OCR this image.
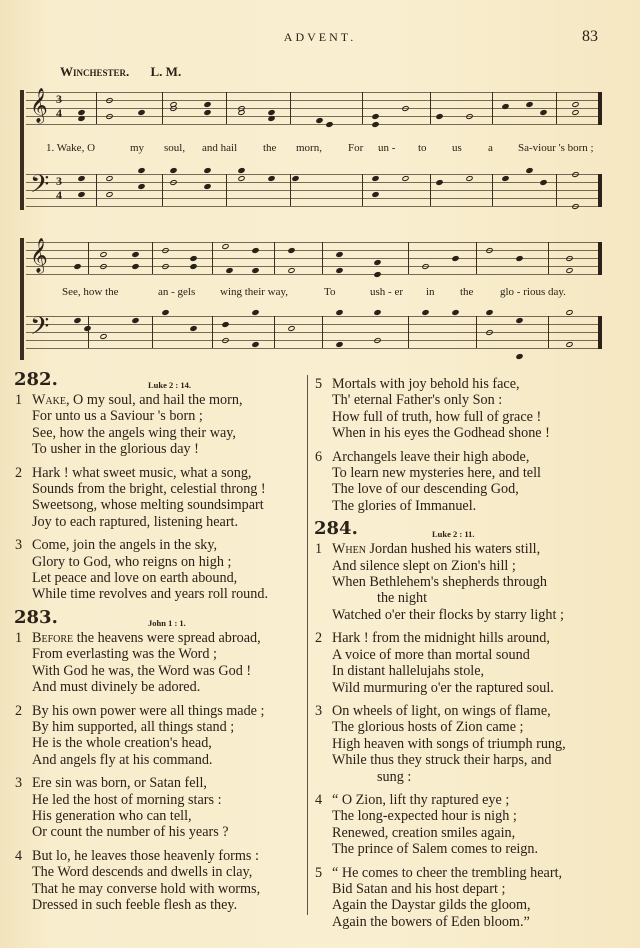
ADVENT.	83
Winchester. L. M.
𝄞 3
4
1. Wake, O	my soul, and hail the morn, For un - to us a Sa-viour 's born ;
𝄢 3
4
𝄞
See, how the	an - gels wing their way,	To	ush - er in the glo - rious day.
𝄢
282.	Luke 2 : 14.
1 Wake, O my soul, and hail the morn,
For unto us a Saviour 's born ;
See, how the angels wing their way,
To usher in the glorious day !
2 Hark ! what sweet music, what a song,
Sounds from the bright, celestial throng !
Sweetsong, whose melting soundsimpart
Joy to each raptured, listening heart.
3 Come, join the angels in the sky,
Glory to God, who reigns on high ;
Let peace and love on earth abound,
While time revolves and years roll round.
283.	John 1 : 1.
1 Before the heavens were spread abroad,
From everlasting was the Word ;
With God he was, the Word was God !
And must divinely be adored.
2 By his own power were all things made ;
By him supported, all things stand ;
He is the whole creation's head,
And angels fly at his command.
3 Ere sin was born, or Satan fell,
He led the host of morning stars :
His generation who can tell,
Or count the number of his years ?
4 But lo, he leaves those heavenly forms :
The Word descends and dwells in clay,
That he may converse hold with worms,
Dressed in such feeble flesh as they.
5 Mortals with joy behold his face,
Th' eternal Father's only Son :
How full of truth, how full of grace !
When in his eyes the Godhead shone !
6 Archangels leave their high abode,
To learn new mysteries here, and tell
The love of our descending God,
The glories of Immanuel.
284.	Luke 2 : 11.
1 When Jordan hushed his waters still,
And silence slept on Zion's hill ;
When Bethlehem's shepherds through
the night
Watched o'er their flocks by starry light ;
2 Hark ! from the midnight hills around,
A voice of more than mortal sound
In distant hallelujahs stole,
Wild murmuring o'er the raptured soul.
3 On wheels of light, on wings of flame,
The glorious hosts of Zion came ;
High heaven with songs of triumph rung,
While thus they struck their harps, and
sung :
4 “ O Zion, lift thy raptured eye ;
The long-expected hour is nigh ;
Renewed, creation smiles again,
The prince of Salem comes to reign.
5 “ He comes to cheer the trembling heart,
Bid Satan and his host depart ;
Again the Daystar gilds the gloom,
Again the bowers of Eden bloom.”
